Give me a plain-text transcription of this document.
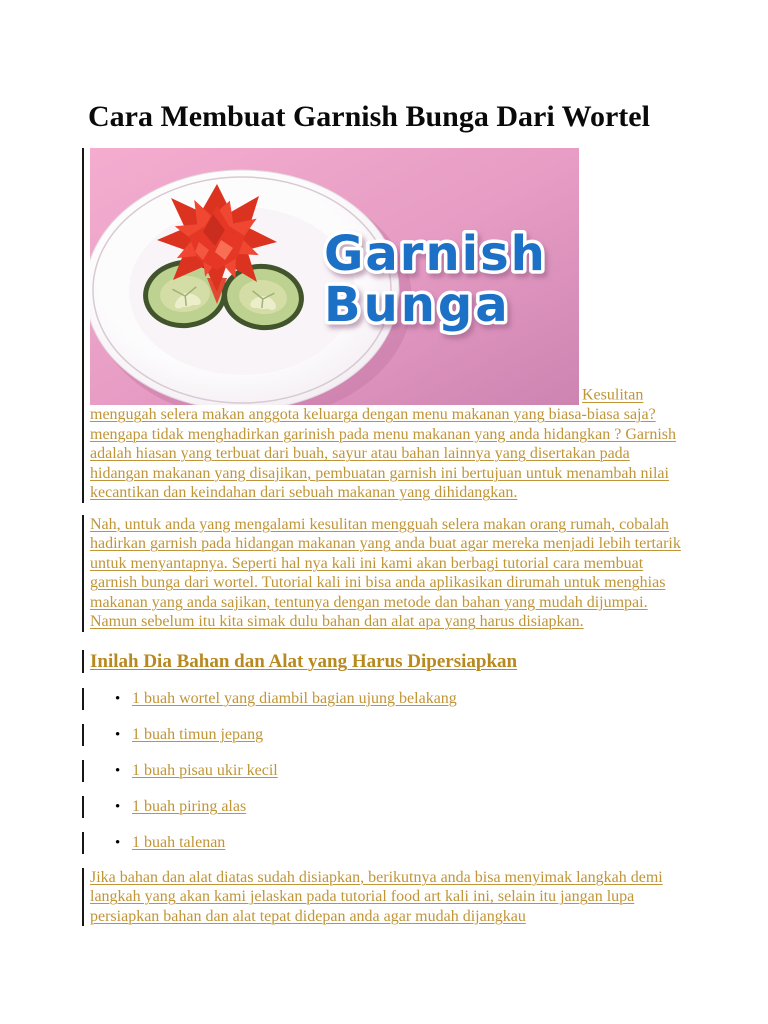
Cara Membuat Garnish Bunga Dari Wortel

Garnish
Bunga
Kesulitan mengugah selera makan anggota keluarga dengan menu makanan yang biasa-biasa saja? mengapa tidak menghadirkan garinish pada menu makanan yang anda hidangkan ? Garnish adalah hiasan yang terbuat dari buah, sayur atau bahan lainnya yang disertakan pada hidangan makanan yang disajikan, pembuatan garnish ini bertujuan untuk menambah nilai kecantikan dan keindahan dari sebuah makanan yang dihidangkan.

Nah, untuk anda yang mengalami kesulitan mengguah selera makan orang rumah, cobalah hadirkan garnish pada hidangan makanan yang anda buat agar mereka menjadi lebih tertarik untuk menyantapnya. Seperti hal nya kali ini kami akan berbagi tutorial cara membuat garnish bunga dari wortel. Tutorial kali ini bisa anda aplikasikan dirumah untuk menghias makanan yang anda sajikan, tentunya dengan metode dan bahan yang mudah dijumpai. Namun sebelum itu kita simak dulu bahan dan alat apa yang harus disiapkan.

Inilah Dia Bahan dan Alat yang Harus Dipersiapkan
• 1 buah wortel yang diambil bagian ujung belakang
• 1 buah timun jepang
• 1 buah pisau ukir kecil
• 1 buah piring alas
• 1 buah talenan

Jika bahan dan alat diatas sudah disiapkan, berikutnya anda bisa menyimak langkah demi langkah yang akan kami jelaskan pada tutorial food art kali ini, selain itu jangan lupa persiapkan bahan dan alat tepat didepan anda agar mudah dijangkau
